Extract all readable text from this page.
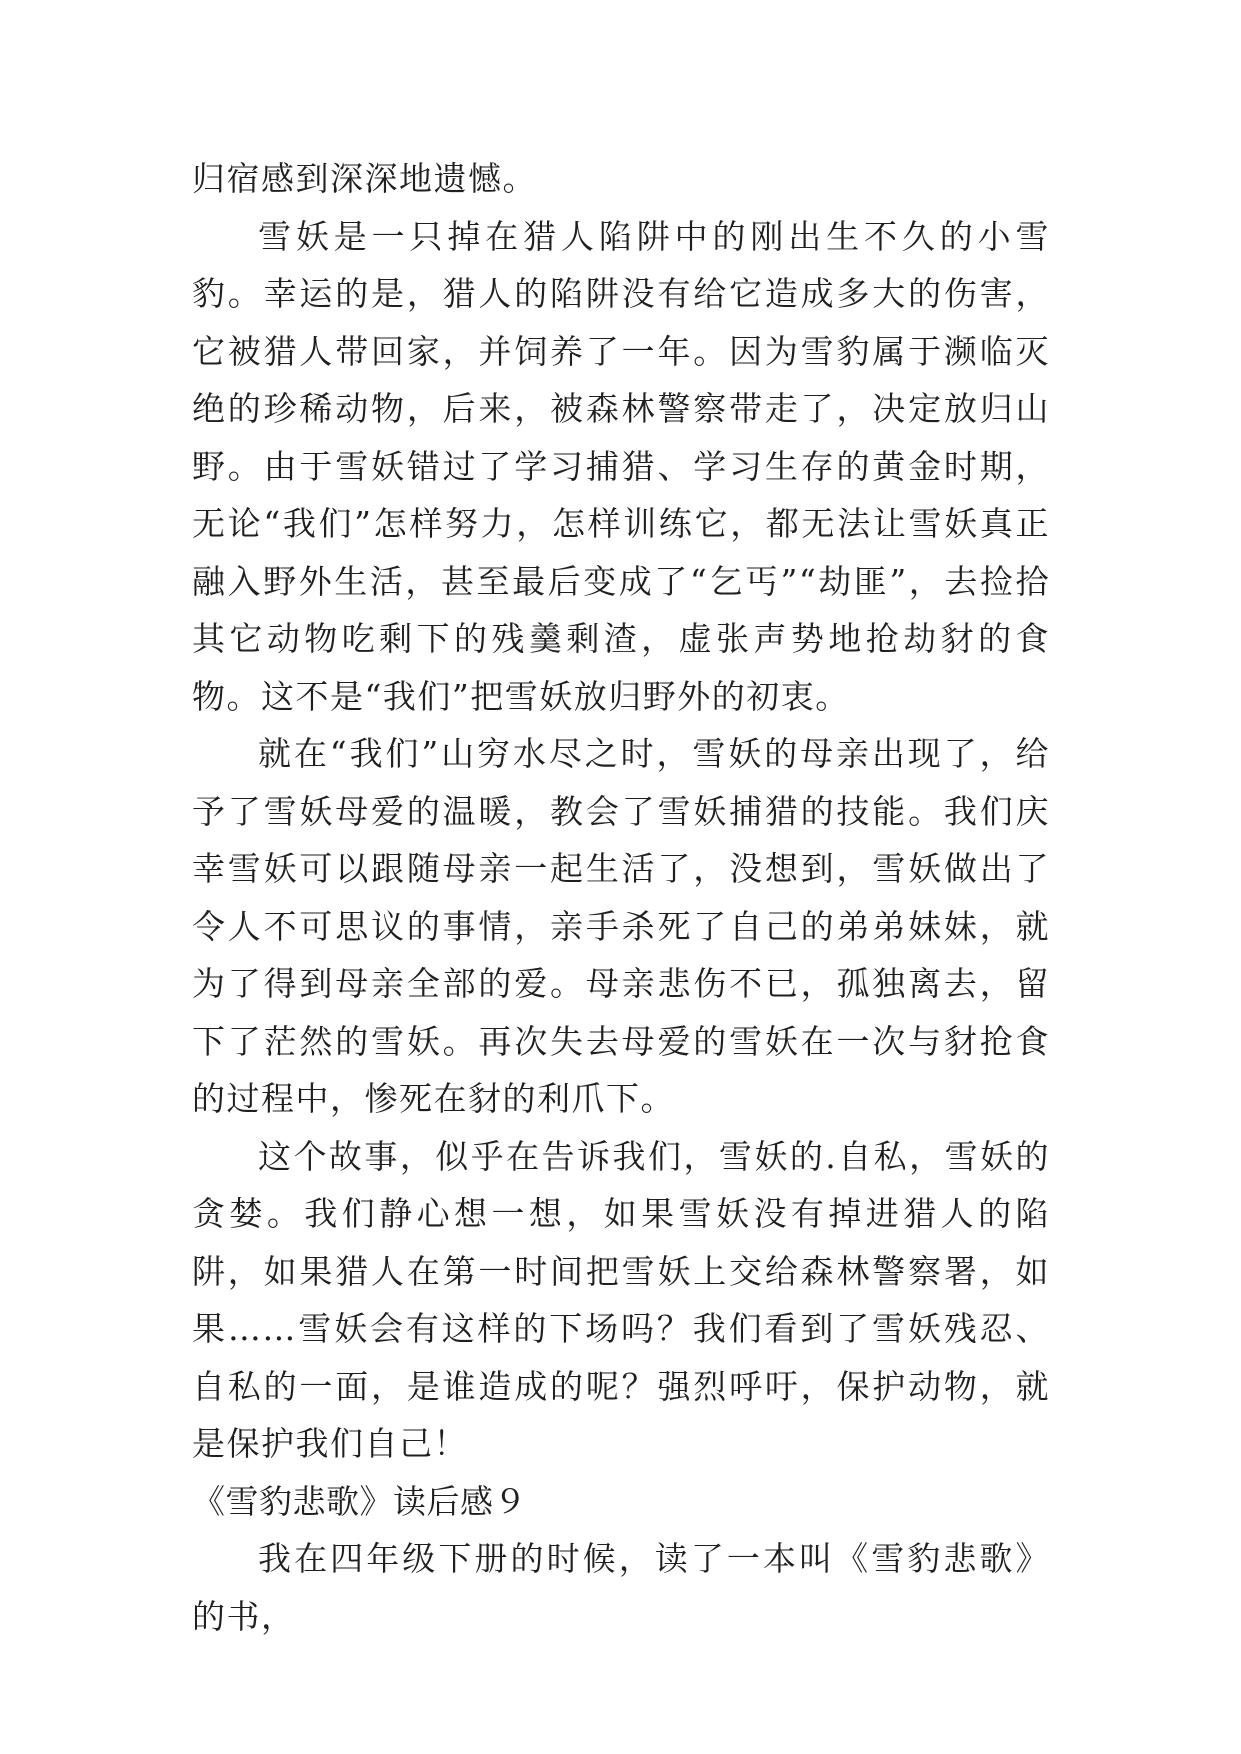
归宿感到深深地遗憾。

雪妖是一只掉在猎人陷阱中的刚出生不久的小雪豹。幸运的是，猎人的陷阱没有给它造成多大的伤害，它被猎人带回家，并饲养了一年。因为雪豹属于濒临灭绝的珍稀动物，后来，被森林警察带走了，决定放归山野。由于雪妖错过了学习捕猎、学习生存的黄金时期，无论“我们”怎样努力，怎样训练它，都无法让雪妖真正融入野外生活，甚至最后变成了“乞丐”“劫匪”，去捡拾其它动物吃剩下的残羹剩渣，虚张声势地抢劫豺的食物。这不是“我们”把雪妖放归野外的初衷。

就在“我们”山穷水尽之时，雪妖的母亲出现了，给予了雪妖母爱的温暖，教会了雪妖捕猎的技能。我们庆幸雪妖可以跟随母亲一起生活了，没想到，雪妖做出了令人不可思议的事情，亲手杀死了自己的弟弟妹妹，就为了得到母亲全部的爱。母亲悲伤不已，孤独离去，留下了茫然的雪妖。再次失去母爱的雪妖在一次与豺抢食的过程中，惨死在豺的利爪下。

这个故事，似乎在告诉我们，雪妖的.自私，雪妖的贪婪。我们静心想一想，如果雪妖没有掉进猎人的陷阱，如果猎人在第一时间把雪妖上交给森林警察署，如果……雪妖会有这样的下场吗？我们看到了雪妖残忍、自私的一面，是谁造成的呢？强烈呼吁，保护动物，就是保护我们自己！

《雪豹悲歌》读后感９

我在四年级下册的时候，读了一本叫《雪豹悲歌》的书，
